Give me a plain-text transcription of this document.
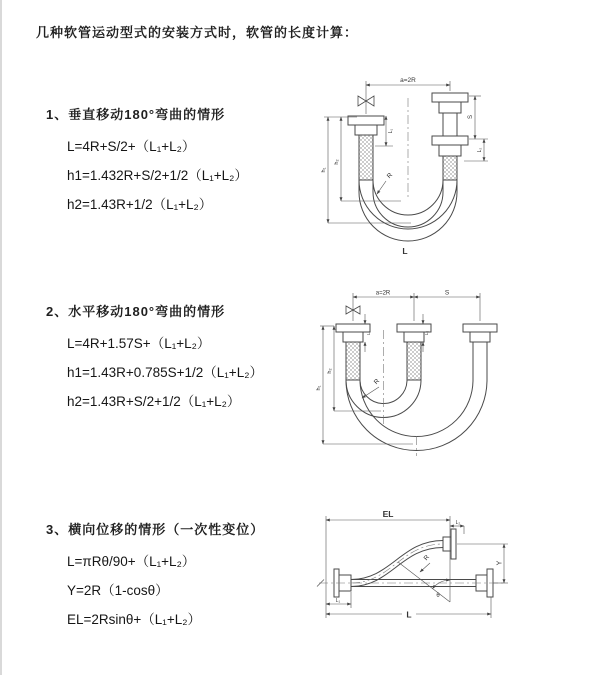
几种软管运动型式的安装方式时，软管的长度计算：
1、垂直移动180°弯曲的情形

L=4R+S/2+（L₁+L₂）

h1=1.432R+S/2+1/2（L₁+L₂）

h2=1.43R+1/2（L₁+L₂）

2、水平移动180°弯曲的情形

L=4R+1.57S+（L₁+L₂）

h1=1.43R+0.785S+1/2（L₁+L₂）

h2=1.43R+S/2+1/2（L₁+L₂）

3、横向位移的情形（一次性变位）

L=πRθ/90+（L₁+L₂）

Y=2R（1-cosθ）

EL=2Rsinθ+（L₁+L₂）

a=2R
h₁
h₂
L₁
S
L₂
R
L
a=2R	S
h₁
h₂
L₁	L₂
R
EL
L₂
Y
R
θ
L
L₁
